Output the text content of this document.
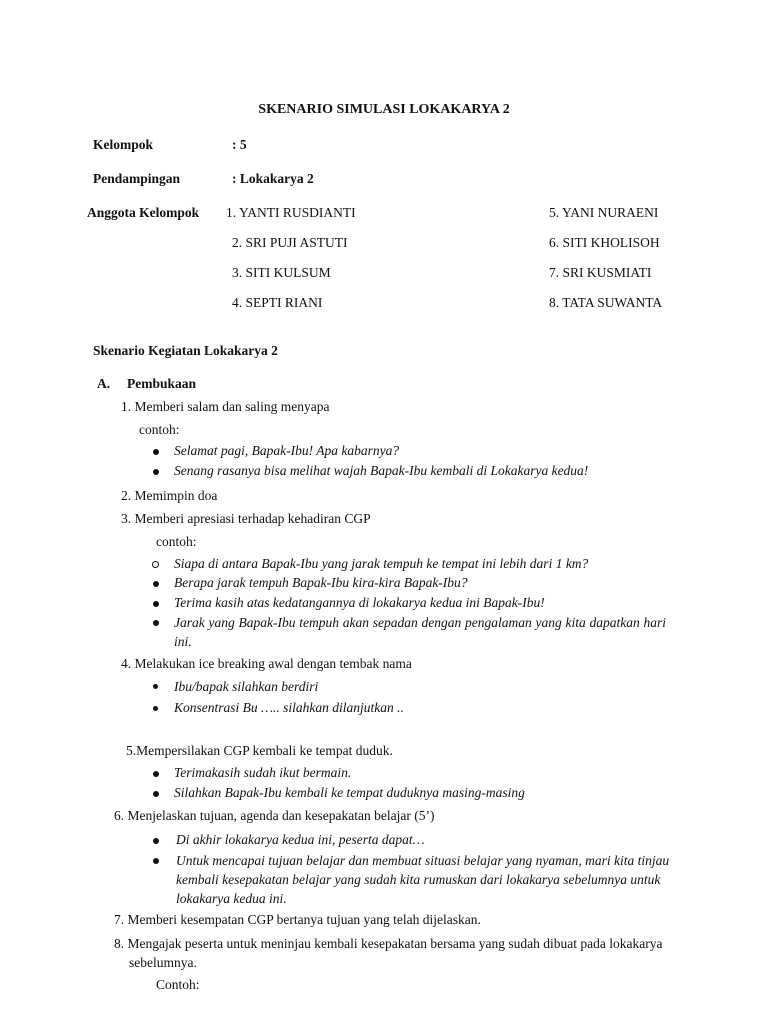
SKENARIO SIMULASI LOKAKARYA 2
Kelompok	: 5
Pendampingan	: Lokakarya 2
Anggota Kelompok 1. YANTI RUSDIANTI
2. SRI PUJI ASTUTI
3. SITI KULSUM
4. SEPTI RIANI
5. YANI NURAENI
6. SITI KHOLISOH
7. SRI KUSMIATI
8. TATA SUWANTA
Skenario Kegiatan Lokakarya 2
A. Pembukaan
1. Memberi salam dan saling menyapa
contoh:
Selamat pagi, Bapak-Ibu! Apa kabarnya?
Senang rasanya bisa melihat wajah Bapak-Ibu kembali di Lokakarya kedua!
2. Memimpin doa
3. Memberi apresiasi terhadap kehadiran CGP
contoh:
Siapa di antara Bapak-Ibu yang jarak tempuh ke tempat ini lebih dari 1 km?
Berapa jarak tempuh Bapak-Ibu kira-kira Bapak-Ibu?
Terima kasih atas kedatangannya di lokakarya kedua ini Bapak-Ibu!
Jarak yang Bapak-Ibu tempuh akan sepadan dengan pengalaman yang kita dapatkan hari ini.
4. Melakukan ice breaking awal dengan tembak nama
Ibu/bapak silahkan berdiri
Konsentrasi Bu ….. silahkan dilanjutkan ..
5.Mempersilakan CGP kembali ke tempat duduk.
Terimakasih sudah ikut bermain.
Silahkan Bapak-Ibu kembali ke tempat duduknya masing-masing
6. Menjelaskan tujuan, agenda dan kesepakatan belajar (5’)
Di akhir lokakarya kedua ini, peserta dapat…
Untuk mencapai tujuan belajar dan membuat situasi belajar yang nyaman, mari kita tinjau kembali kesepakatan belajar yang sudah kita rumuskan dari lokakarya sebelumnya untuk lokakarya kedua ini.
7. Memberi kesempatan CGP bertanya tujuan yang telah dijelaskan.
8. Mengajak peserta untuk meninjau kembali kesepakatan bersama yang sudah dibuat pada lokakarya sebelumnya.
Contoh:
